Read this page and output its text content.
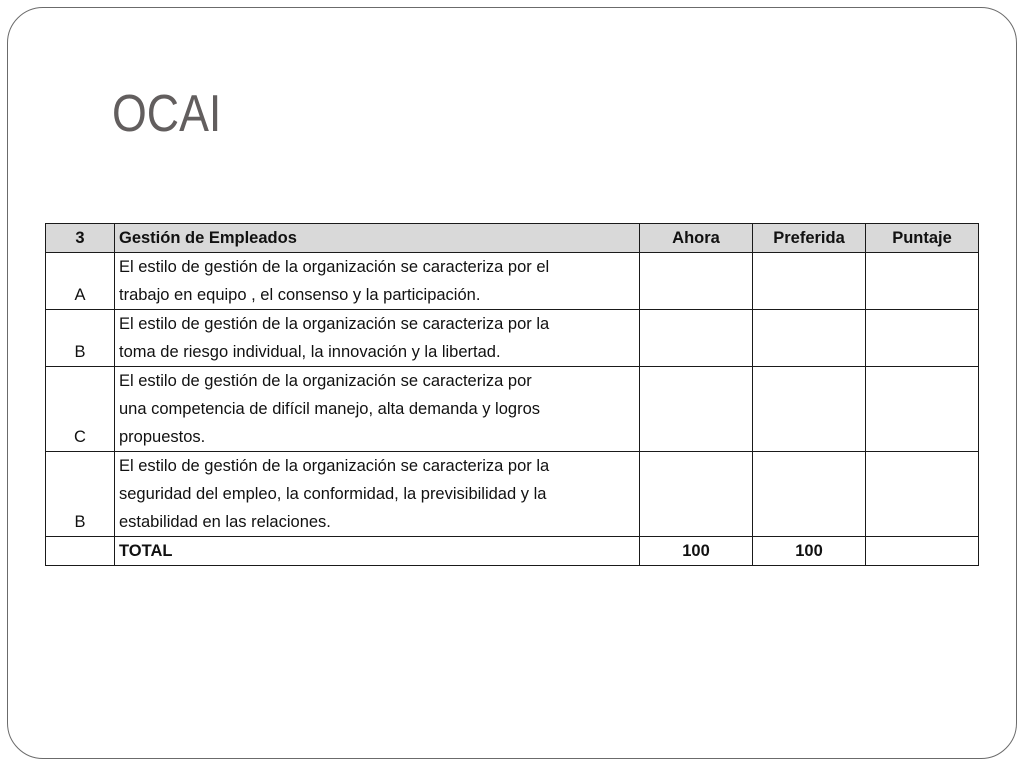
OCAI
3	Gestión de Empleados	Ahora	Preferida	Puntaje
A	El estilo de gestión de la organización se caracteriza por el
trabajo en equipo , el consenso y la participación.			

B	El estilo de gestión de la organización se caracteriza por la
toma de riesgo individual, la innovación y la libertad.			

C	El estilo de gestión de la organización se caracteriza por
una competencia de difícil manejo, alta demanda y logros
propuestos.			

B	El estilo de gestión de la organización se caracteriza por la
seguridad del empleo, la conformidad, la previsibilidad y la
estabilidad en las relaciones.			

	TOTAL	100	100	
